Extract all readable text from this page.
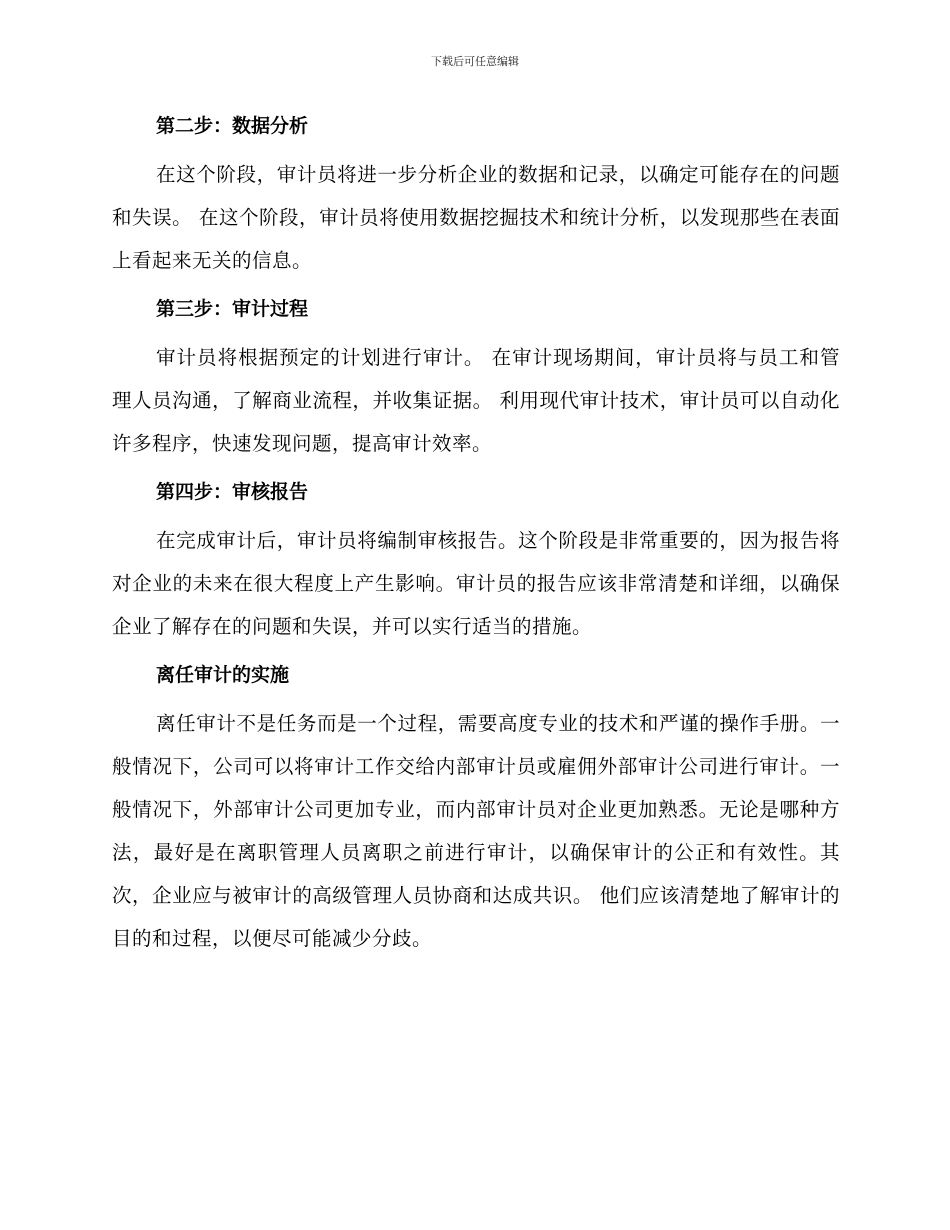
下载后可任意编辑
第二步：数据分析

在这个阶段，审计员将进一步分析企业的数据和记录，以确定可能存在的问题和失误。 在这个阶段，审计员将使用数据挖掘技术和统计分析，以发现那些在表面上看起来无关的信息。

第三步：审计过程

审计员将根据预定的计划进行审计。 在审计现场期间，审计员将与员工和管理人员沟通，了解商业流程，并收集证据。 利用现代审计技术，审计员可以自动化许多程序，快速发现问题，提高审计效率。

第四步：审核报告

在完成审计后，审计员将编制审核报告。这个阶段是非常重要的，因为报告将对企业的未来在很大程度上产生影响。审计员的报告应该非常清楚和详细，以确保企业了解存在的问题和失误，并可以实行适当的措施。

离任审计的实施

离任审计不是任务而是一个过程，需要高度专业的技术和严谨的操作手册。一般情况下，公司可以将审计工作交给内部审计员或雇佣外部审计公司进行审计。一般情况下，外部审计公司更加专业，而内部审计员对企业更加熟悉。无论是哪种方法，最好是在离职管理人员离职之前进行审计，以确保审计的公正和有效性。其次，企业应与被审计的高级管理人员协商和达成共识。 他们应该清楚地了解审计的目的和过程，以便尽可能减少分歧。
